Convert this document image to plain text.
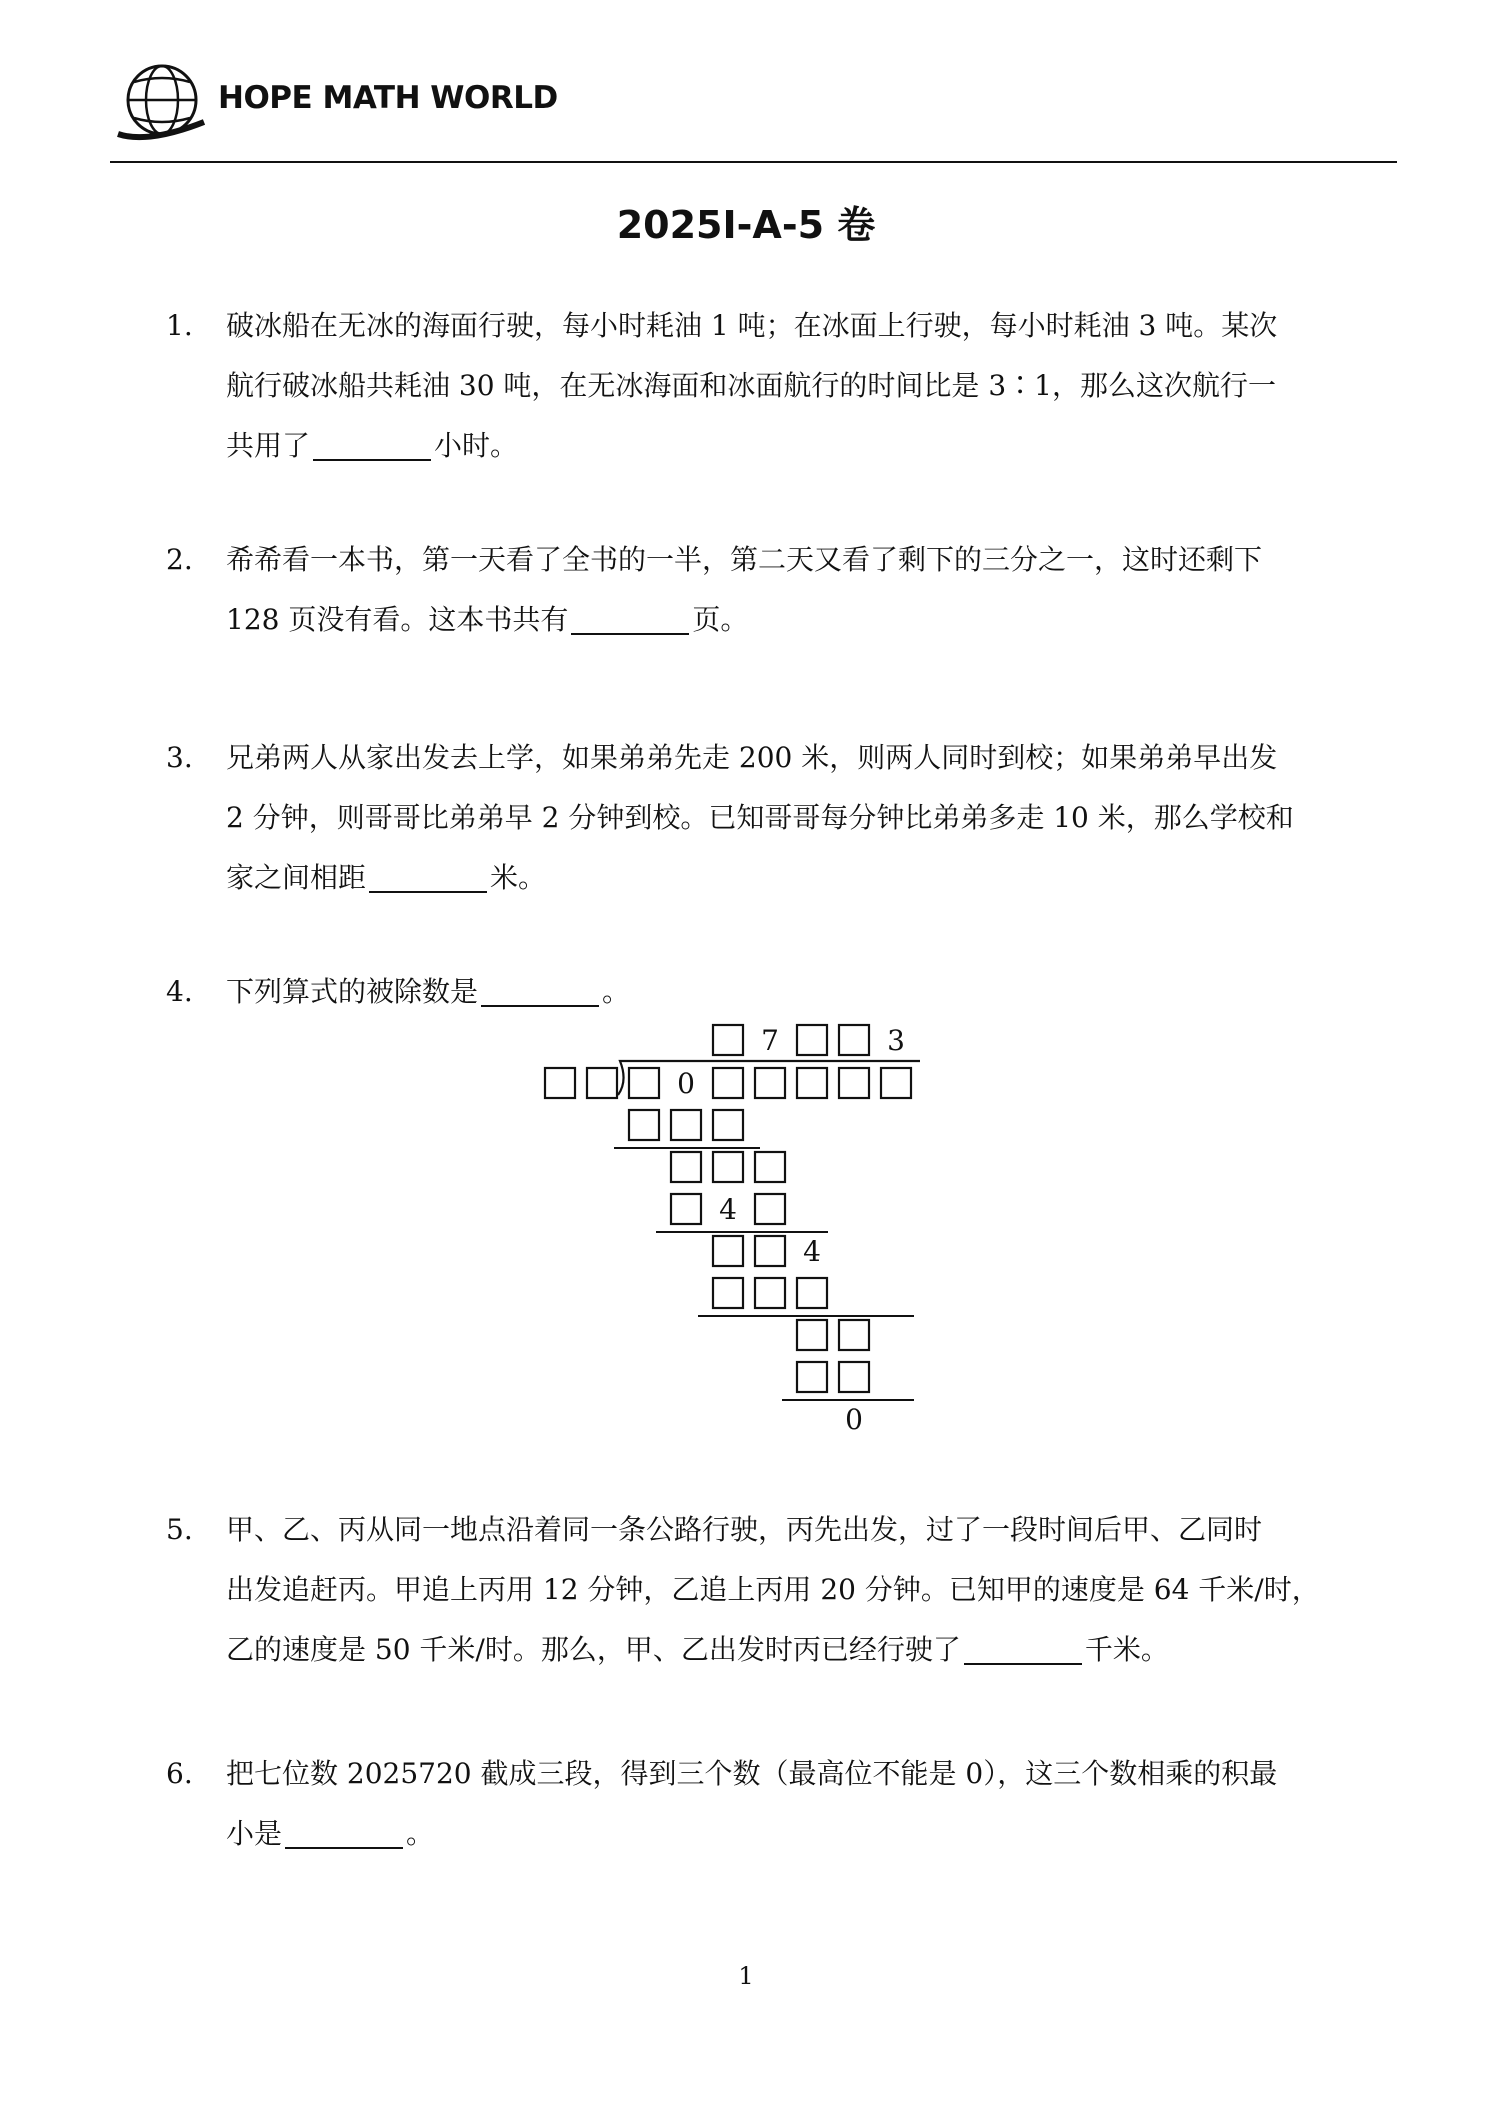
HOPE MATH WORLD
2025I-A-5 卷
1. 破冰船在无冰的海面行驶，每小时耗油 1 吨；在冰面上行驶，每小时耗油 3 吨。某次
航行破冰船共耗油 30 吨，在无冰海面和冰面航行的时间比是 3∶1，那么这次航行一
共用了	小时。
2. 希希看一本书，第一天看了全书的一半，第二天又看了剩下的三分之一，这时还剩下
128 页没有看。这本书共有	页。
3. 兄弟两人从家出发去上学，如果弟弟先走 200 米，则两人同时到校；如果弟弟早出发
2 分钟，则哥哥比弟弟早 2 分钟到校。已知哥哥每分钟比弟弟多走 10 米，那么学校和
家之间相距	米。
4. 下列算式的被除数是	。
7	3
0
4
4
0
5. 甲、乙、丙从同一地点沿着同一条公路行驶，丙先出发，过了一段时间后甲、乙同时
出发追赶丙。甲追上丙用 12 分钟，乙追上丙用 20 分钟。已知甲的速度是 64 千米/时，
乙的速度是 50 千米/时。那么，甲、乙出发时丙已经行驶了	千米。
6. 把七位数 2025720 截成三段，得到三个数（最高位不能是 0），这三个数相乘的积最
小是	。
1
